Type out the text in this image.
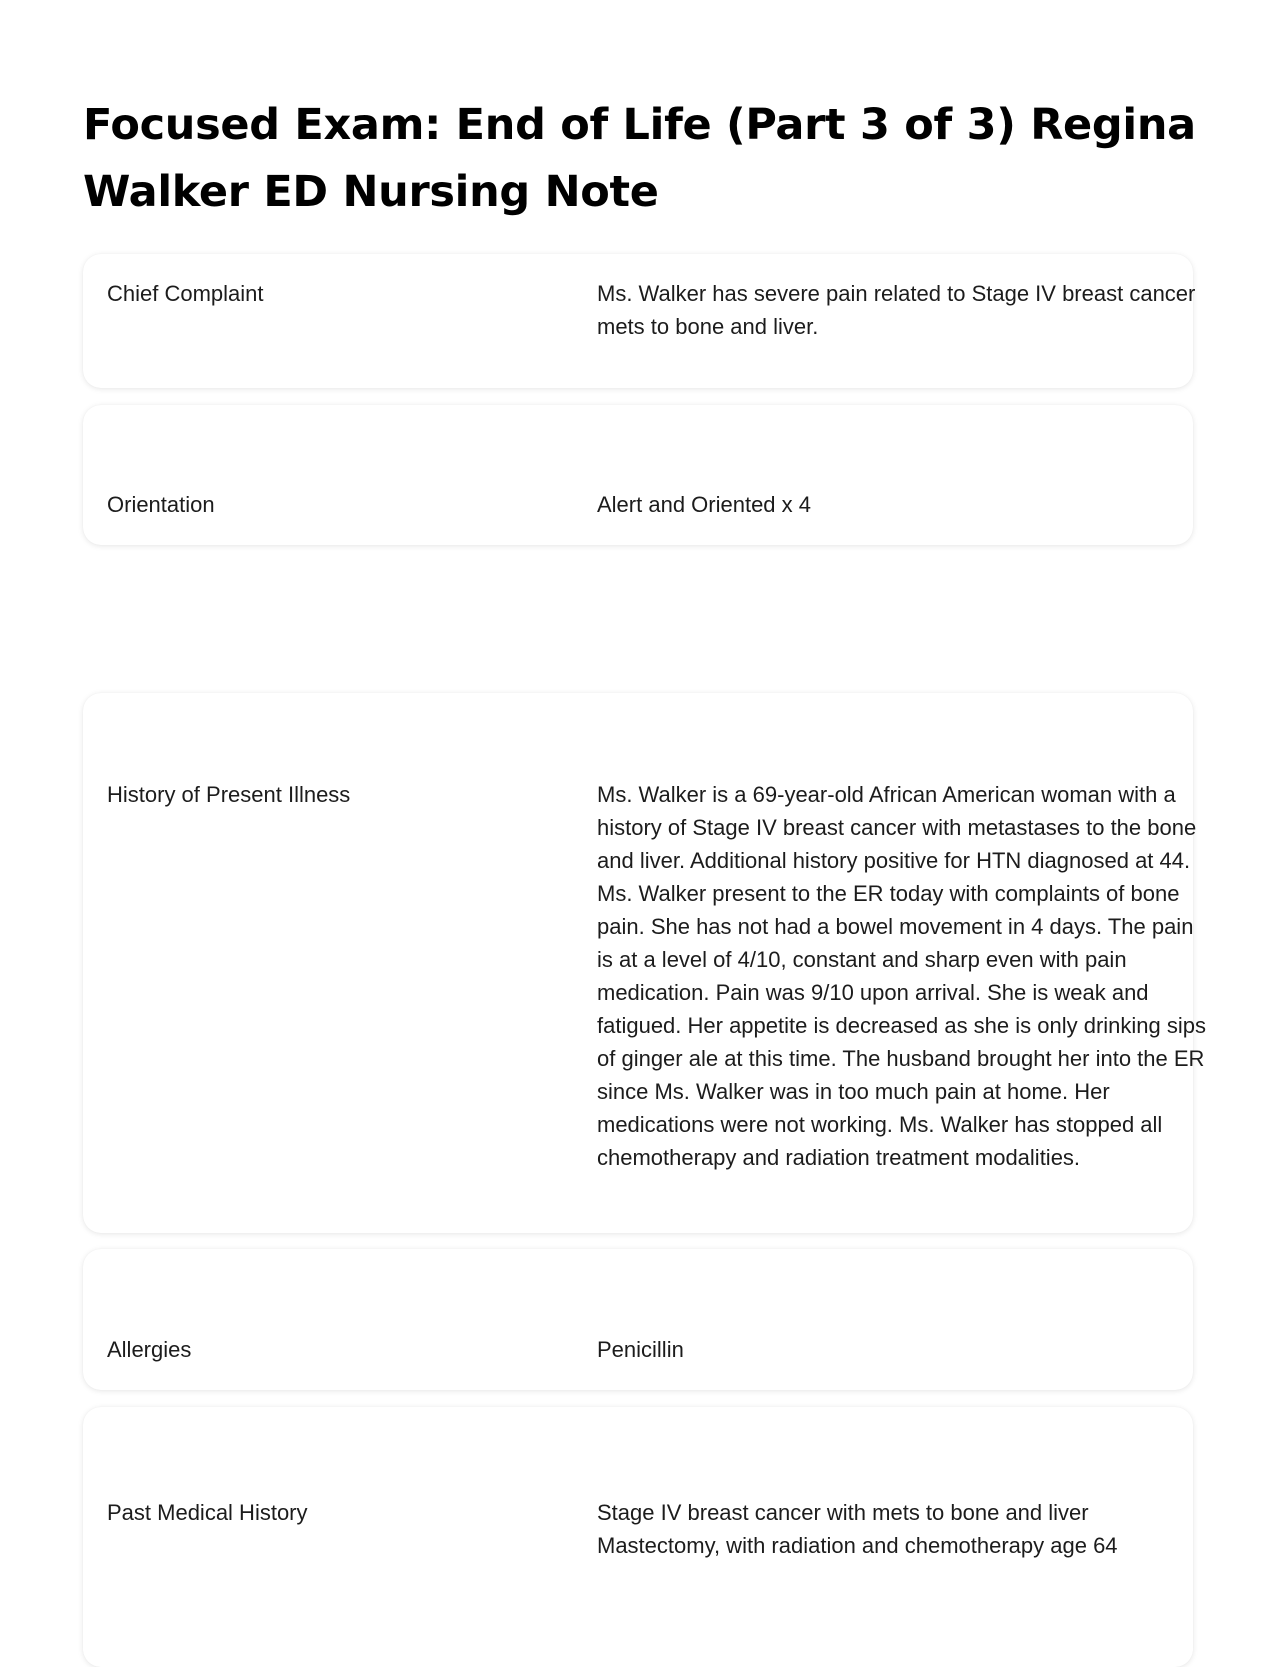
Focused Exam: End of Life (Part 3 of 3) Regina Walker ED Nursing Note
Chief Complaint	Ms. Walker has severe pain related to Stage IV breast cancer mets to bone and liver.
Orientation	Alert and Oriented x 4
History of Present Illness	Ms. Walker is a 69-year-old African American woman with a history of Stage IV breast cancer with metastases to the bone and liver. Additional history positive for HTN diagnosed at 44. Ms. Walker present to the ER today with complaints of bone pain. She has not had a bowel movement in 4 days. The pain is at a level of 4/10, constant and sharp even with pain medication. Pain was 9/10 upon arrival. She is weak and fatigued. Her appetite is decreased as she is only drinking sips of ginger ale at this time. The husband brought her into the ER since Ms. Walker was in too much pain at home. Her medications were not working. Ms. Walker has stopped all chemotherapy and radiation treatment modalities.
Allergies	Penicillin
Past Medical History	Stage IV breast cancer with mets to bone and liver
Mastectomy, with radiation and chemotherapy age 64
